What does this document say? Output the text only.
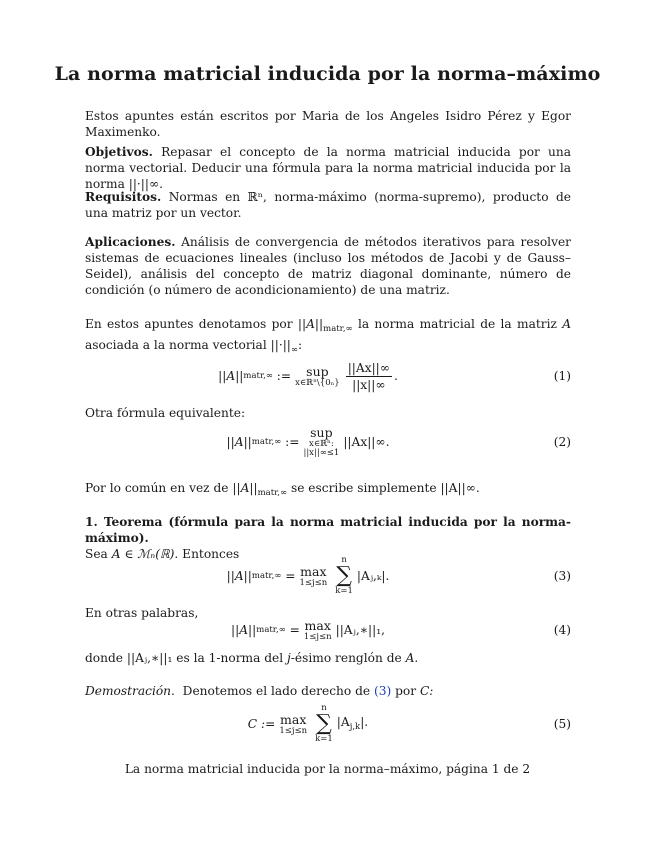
La norma matricial inducida por la norma–máximo
Estos apuntes están escritos por Maria de los Angeles Isidro Pérez y Egor Maximenko.
Objetivos. Repasar el concepto de la norma matricial inducida por una norma vectorial. Deducir una fórmula para la norma matricial inducida por la norma ||·||∞.
Requisitos. Normas en ℝⁿ, norma-máximo (norma-supremo), producto de una matriz por un vector.
Aplicaciones. Análisis de convergencia de métodos iterativos para resolver sistemas de ecuaciones lineales (incluso los métodos de Jacobi y de Gauss–Seidel), análisis del concepto de matriz diagonal dominante, número de condición (o número de acondicionamiento) de una matriz.
En estos apuntes denotamos por $||A||_{matr,\infty}$ la norma matricial de la matriz A asociada a la norma vectorial $||\cdot||_\infty$:
|| A || matr,∞
:= sup
x∈ℝⁿ\{0ₙ} $\frac{||Ax||\infty}{||x||\infty}$ .	(1)
Otra fórmula equivalente:
|| A || matr,∞ :=
sup
x∈ℝⁿ:
||x||∞≤1
||Ax||∞.	(2)
Por lo común en vez de $||A||_{matr,\infty}$ se escribe simplemente ||A||∞.
1. Teorema (fórmula para la norma matricial inducida por la norma-máximo).
Sea A ∈ ℳₙ(ℝ). Entonces
|| A || matr,∞ = max
1≤j≤n
n
∑
k=1
|Aⱼ,ₖ|.	(3)
En otras palabras,
|| A || matr,∞ = max
1≤j≤n ||Aⱼ,∗||₁,	(4)
donde ||Aⱼ,∗||₁ es la 1-norma del j-ésimo renglón de A.
Demostración. Denotemos el lado derecho de (3) por C:
C := max
1≤j≤n
n
∑
k=1
$|A_{j,k}|$.	(5)
La norma matricial inducida por la norma–máximo, página 1 de 2
